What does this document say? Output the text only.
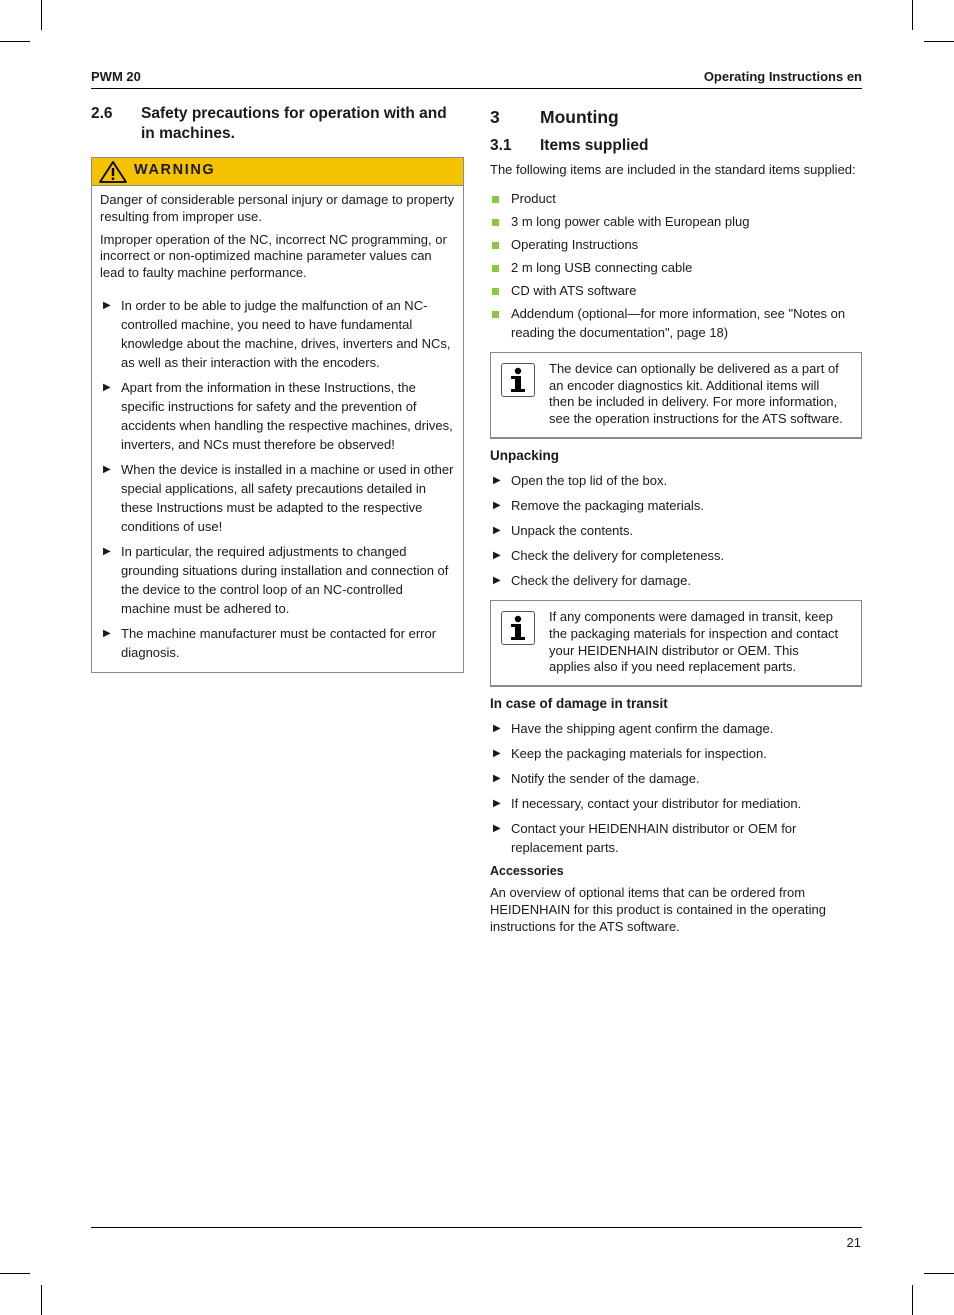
PWM 20	Operating Instructions en
2.6 Safety precautions for operation with and in machines.
WARNING

Danger of considerable personal injury or damage to property resulting from improper use.

Improper operation of the NC, incorrect NC programming, or incorrect or non-optimized machine parameter values can lead to faulty machine performance.

▶ In order to be able to judge the malfunction of an NC-controlled machine, you need to have fundamental knowledge about the machine, drives, inverters and NCs, as well as their interaction with the encoders.
▶ Apart from the information in these Instructions, the specific instructions for safety and the prevention of accidents when handling the respective machines, drives, inverters, and NCs must therefore be observed!
▶ When the device is installed in a machine or used in other special applications, all safety precautions detailed in these Instructions must be adapted to the respective conditions of use!
▶ In particular, the required adjustments to changed grounding situations during installation and connection of the device to the control loop of an NC-controlled machine must be adhered to.
▶ The machine manufacturer must be contacted for error diagnosis.
3 Mounting
3.1 Items supplied
The following items are included in the standard items supplied:
Product
3 m long power cable with European plug
Operating Instructions
2 m long USB connecting cable
CD with ATS software
Addendum (optional—for more information, see "Notes on reading the documentation", page 18)
The device can optionally be delivered as a part of an encoder diagnostics kit. Additional items will then be included in delivery. For more information, see the operation instructions for the ATS software.
Unpacking
▶ Open the top lid of the box.
▶ Remove the packaging materials.
▶ Unpack the contents.
▶ Check the delivery for completeness.
▶ Check the delivery for damage.
If any components were damaged in transit, keep the packaging materials for inspection and contact your HEIDENHAIN distributor or OEM. This applies also if you need replacement parts.
In case of damage in transit
▶ Have the shipping agent confirm the damage.
▶ Keep the packaging materials for inspection.
▶ Notify the sender of the damage.
▶ If necessary, contact your distributor for mediation.
▶ Contact your HEIDENHAIN distributor or OEM for replacement parts.
Accessories
An overview of optional items that can be ordered from HEIDENHAIN for this product is contained in the operating instructions for the ATS software.
21
